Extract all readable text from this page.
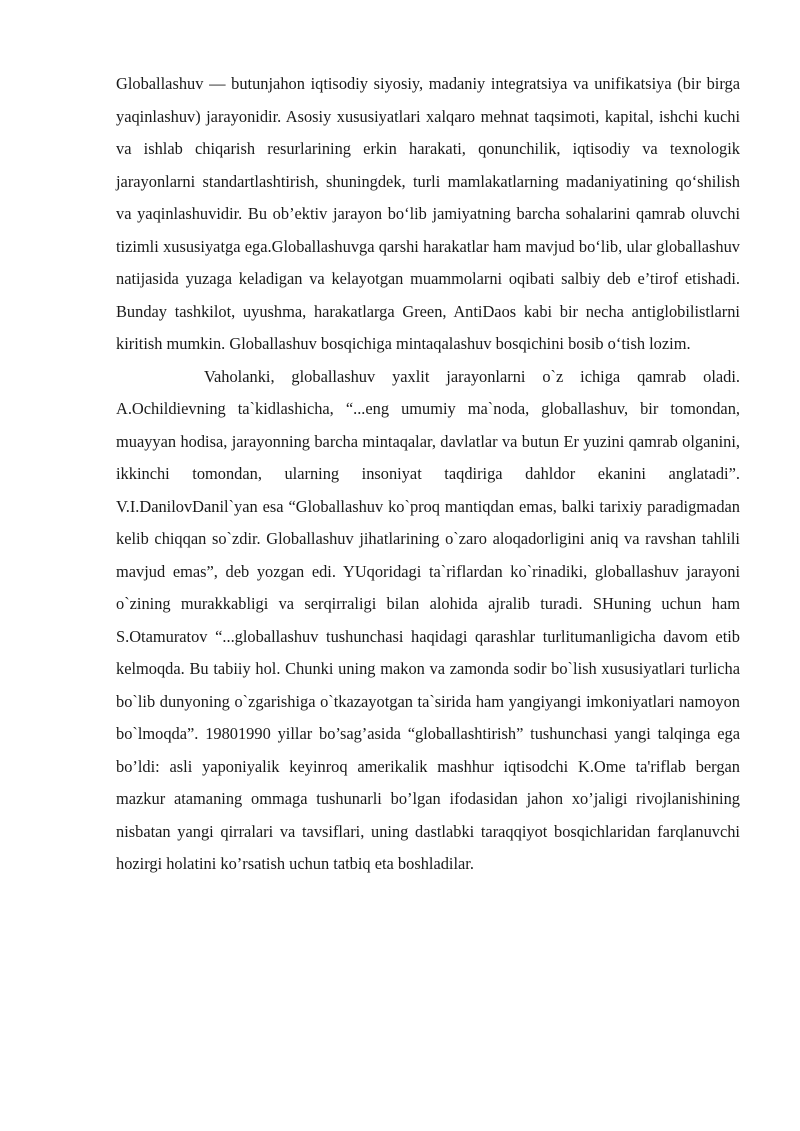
Globallashuv — butunjahon iqtisodiy siyosiy, madaniy integratsiya va unifikatsiya (bir birga yaqinlashuv) jarayonidir. Asosiy xususiyatlari xalqaro mehnat taqsimoti, kapital, ishchi kuchi va ishlab chiqarish resurlarining erkin harakati, qonunchilik, iqtisodiy va texnologik jarayonlarni standartlashtirish, shuningdek, turli mamlakatlarning madaniyatining qo‘shilish va yaqinlashuvidir. Bu ob’ektiv jarayon bo‘lib jamiyatning barcha sohalarini qamrab oluvchi tizimli xususiyatga ega.Globallashuvga qarshi harakatlar ham mavjud bo‘lib, ular globallashuv natijasida yuzaga keladigan va kelayotgan muammolarni oqibati salbiy deb e’tirof etishadi. Bunday tashkilot, uyushma, harakatlarga Green, AntiDaos kabi bir necha antiglobilistlarni kiritish mumkin. Globallashuv bosqichiga mintaqalashuv bosqichini bosib o‘tish lozim.

Vaholanki, globallashuv yaxlit jarayonlarni o`z ichiga qamrab oladi. A.Ochildievning ta`kidlashicha, “...eng umumiy ma`noda, globallashuv, bir tomondan, muayyan hodisa, jarayonning barcha mintaqalar, davlatlar va butun Er yuzini qamrab olganini, ikkinchi tomondan, ularning insoniyat taqdiriga dahldor ekanini anglatadi”. V.I.DanilovDanil`yan esa “Globallashuv ko`proq mantiqdan emas, balki tarixiy paradigmadan kelib chiqqan so`zdir. Globallashuv jihatlarining o`zaro aloqadorligini aniq va ravshan tahlili mavjud emas”, deb yozgan edi. YUqoridagi ta`riflardan ko`rinadiki, globallashuv jarayoni o`zining murakkabligi va serqirraligi bilan alohida ajralib turadi. SHuning uchun ham S.Otamuratov “...globallashuv tushunchasi haqidagi qarashlar turlitumanligicha davom etib kelmoqda. Bu tabiiy hol. Chunki uning makon va zamonda sodir bo`lish xususiyatlari turlicha bo`lib dunyoning o`zgarishiga o`tkazayotgan ta`sirida ham yangiyangi imkoniyatlari namoyon bo`lmoqda”. 19801990 yillar bo’sag’asida “globallashtirish” tushunchasi yangi talqinga ega bo’ldi: asli yaponiyalik keyinroq amerikalik mashhur iqtisodchi K.Ome ta'riflab bergan mazkur atamaning ommaga tushunarli bo’lgan ifodasidan jahon xo’jaligi rivojlanishining nisbatan yangi qirralari va tavsiflari, uning dastlabki taraqqiyot bosqichlaridan farqlanuvchi hozirgi holatini ko’rsatish uchun tatbiq eta boshladilar.
